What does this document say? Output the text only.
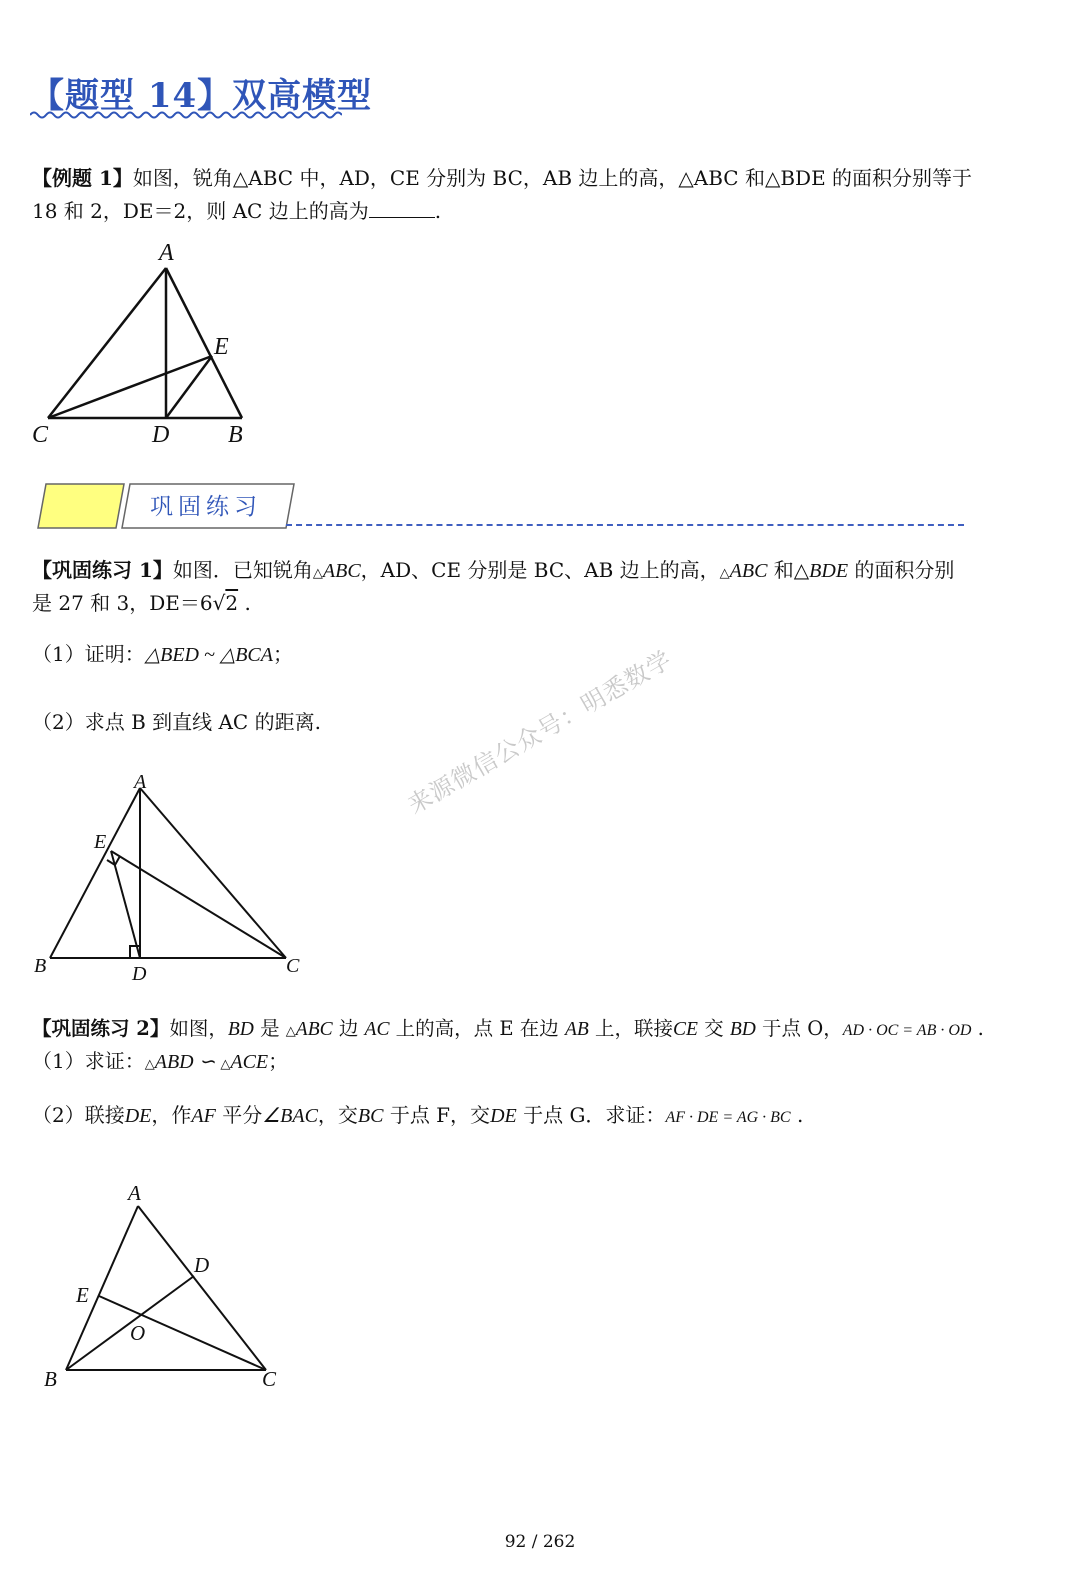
【题型 14】双高模型
【例题 1】如图，锐角△ABC 中，AD，CE 分别为 BC，AB 边上的高，△ABC 和△BDE 的面积分别等于
18 和 2，DE＝2，则 AC 边上的高为	.
A
E
C	D B
巩固练习
【巩固练习 1】如图．已知锐角△ABC，AD、CE 分别是 BC、AB 边上的高，△ABC 和△BDE 的面积分别
是 27 和 3，DE＝6√2 .
（1）证明：△BED ~ △BCA；
（2）求点 B 到直线 AC 的距离.
A
E
B	D	C
来源微信公众号：明悉数学
【巩固练习 2】如图，BD 是 △ABC 边 AC 上的高，点 E 在边 AB 上，联接CE 交 BD 于点 O，AD · OC = AB · OD .
（1）求证：△ABD ∽ △ACE；
（2）联接DE，作AF 平分∠BAC，交BC 于点 F，交DE 于点 G．求证：AF · DE = AG · BC .
A
D
E
O
B	C
92 / 262
